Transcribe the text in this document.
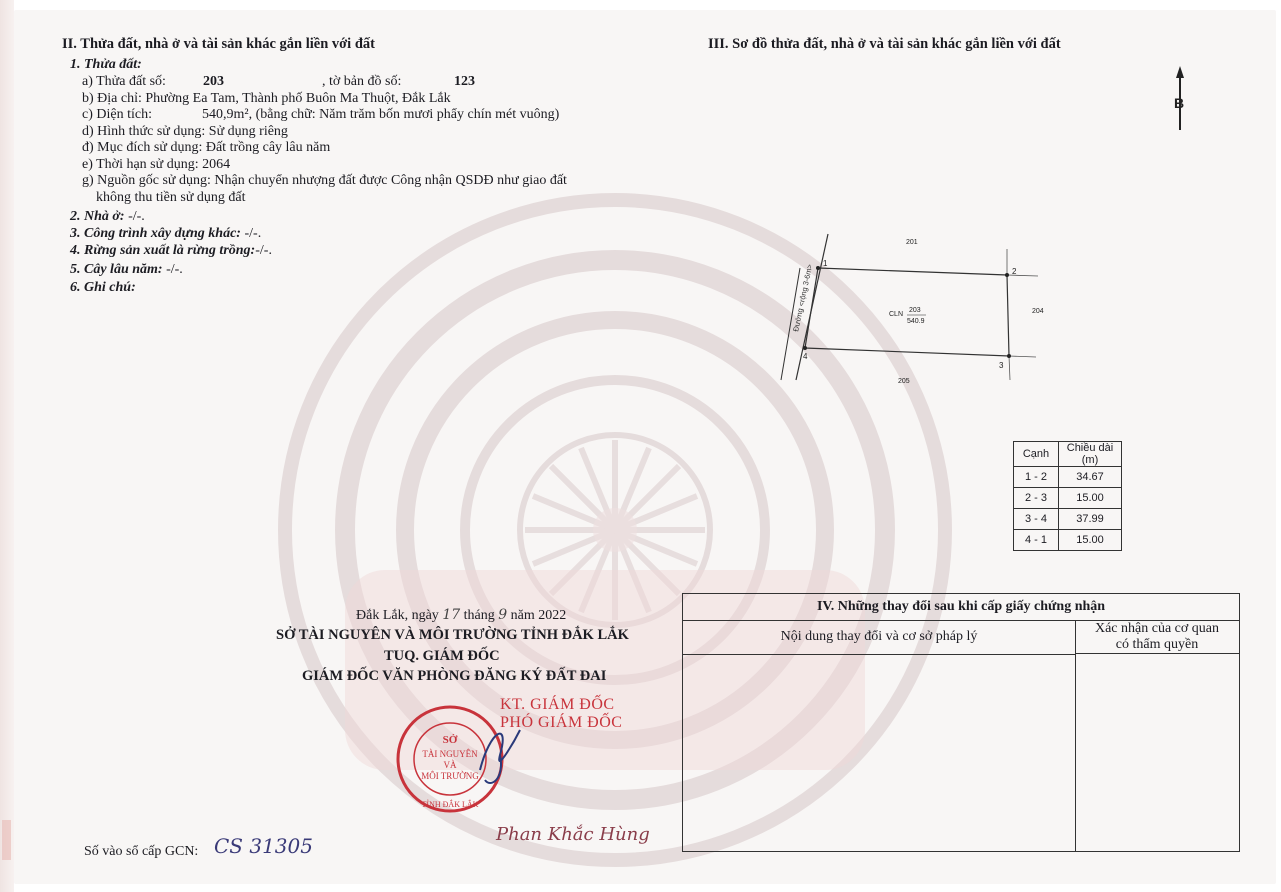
II. Thửa đất, nhà ở và tài sản khác gắn liền với đất
1. Thửa đất:
a) Thửa đất số:	203	, tờ bản đồ số:	123
b) Địa chỉ: Phường Ea Tam, Thành phố Buôn Ma Thuột, Đắk Lắk
c) Diện tích:	540,9m², (bằng chữ: Năm trăm bốn mươi phẩy chín mét vuông)
d) Hình thức sử dụng: Sử dụng riêng
đ) Mục đích sử dụng: Đất trồng cây lâu năm
e) Thời hạn sử dụng: 2064
g) Nguồn gốc sử dụng: Nhận chuyển nhượng đất được Công nhận QSDĐ như giao đất
không thu tiền sử dụng đất
2. Nhà ở: -/-.
3. Công trình xây dựng khác: -/-.
4. Rừng sản xuất là rừng trồng:-/-.
5. Cây lâu năm: -/-.
6. Ghi chú:
Đắk Lắk, ngày 17 tháng 9 năm 2022
SỞ TÀI NGUYÊN VÀ MÔI TRƯỜNG TỈNH ĐẮK LẮK
TUQ. GIÁM ĐỐC
GIÁM ĐỐC VĂN PHÒNG ĐĂNG KÝ ĐẤT ĐAI
KT. GIÁM ĐỐC
PHÓ GIÁM ĐỐC
SỞ
TÀI NGUYÊN
VÀ
MÔI TRƯỜNG
TỈNH ĐẮK LẮK
Phan Khắc Hùng
Số vào sổ cấp GCN: CS 31305
III. Sơ đồ thửa đất, nhà ở và tài sản khác gắn liền với đất
B
Đường <rộng 3-6m> 1
2
3
4
201
204
205
CLN
203
540.9
Cạnh	Chiều dài (m)
1 - 2	34.67
2 - 3	15.00
3 - 4	37.99
4 - 1	15.00
IV. Những thay đổi sau khi cấp giấy chứng nhận
Nội dung thay đổi và cơ sở pháp lý
Xác nhận của cơ quan
có thẩm quyền
